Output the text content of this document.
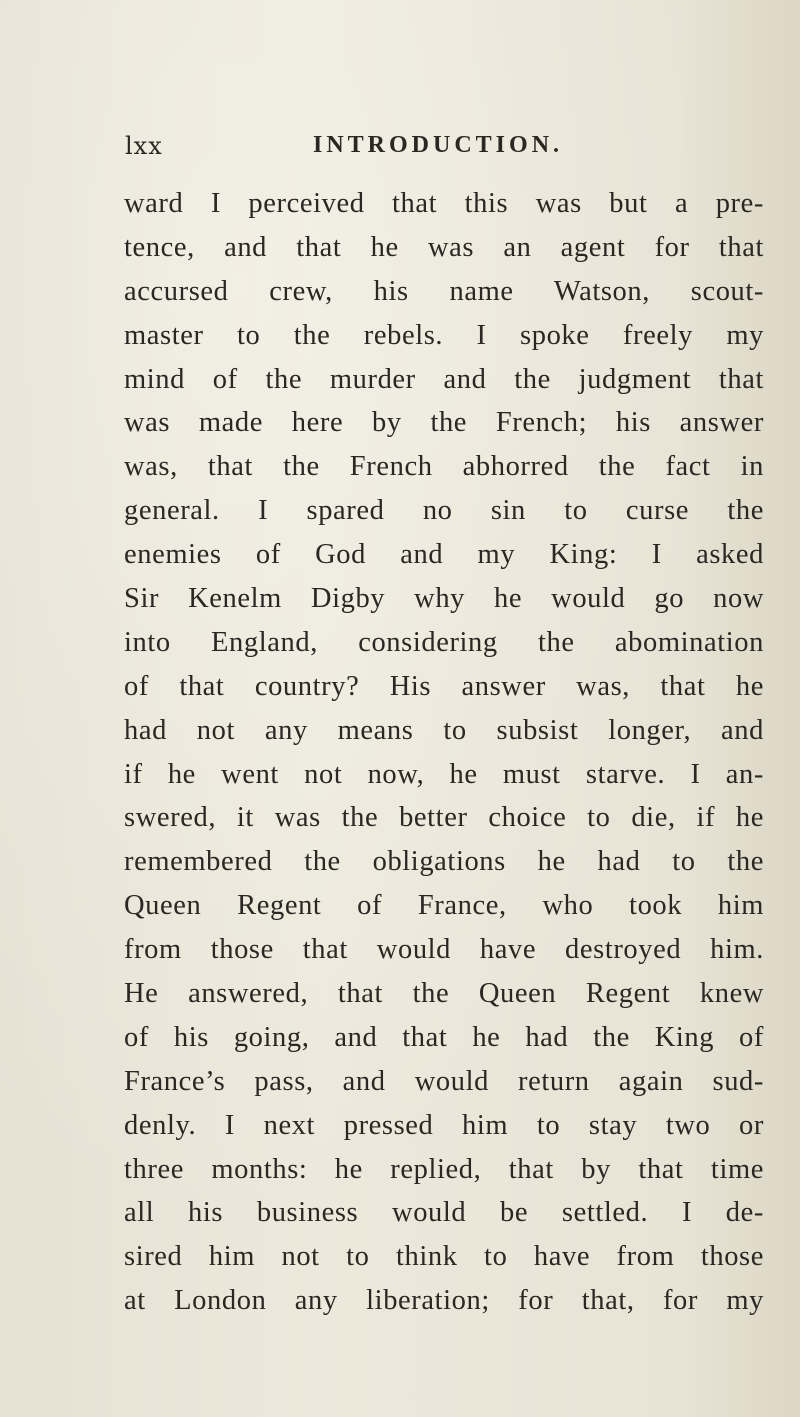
lxx	INTRODUCTION.
ward I perceived that this was but a pre-
tence, and that he was an agent for that
accursed crew, his name Watson, scout-
master to the rebels. I spoke freely my
mind of the murder and the judgment that
was made here by the French; his answer
was, that the French abhorred the fact in
general. I spared no sin to curse the
enemies of God and my King: I asked
Sir Kenelm Digby why he would go now
into England, considering the abomination
of that country? His answer was, that he
had not any means to subsist longer, and
if he went not now, he must starve. I an-
swered, it was the better choice to die, if he
remembered the obligations he had to the
Queen Regent of France, who took him
from those that would have destroyed him.
He answered, that the Queen Regent knew
of his going, and that he had the King of
France’s pass, and would return again sud-
denly. I next pressed him to stay two or
three months: he replied, that by that time
all his business would be settled. I de-
sired him not to think to have from those
at London any liberation; for that, for my
